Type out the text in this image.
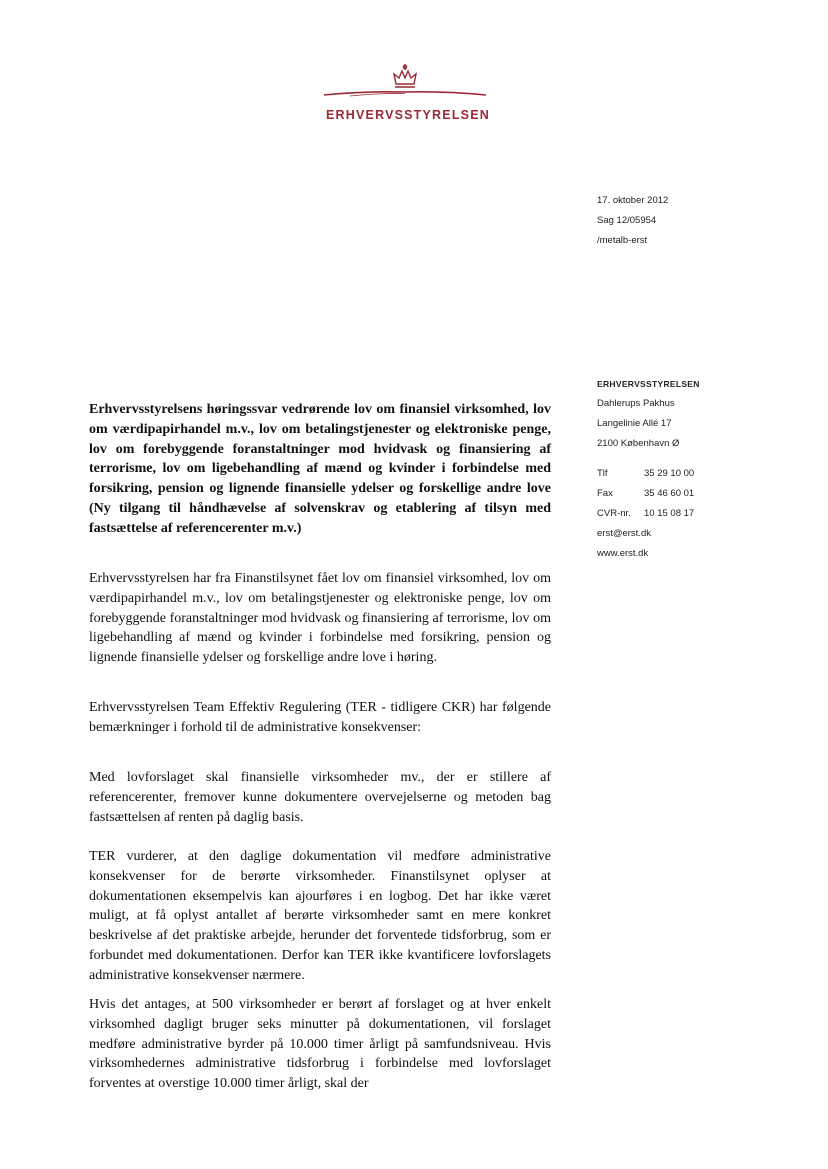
ERHVERVSSTYRELSEN
17. oktober 2012
Sag 12/05954
/metalb-erst
ERHVERVSSTYRELSEN
Dahlerups Pakhus
Langelinie Allé 17
2100 København Ø
Tlf	35 29 10 00
Fax	35 46 60 01
CVR-nr.	10 15 08 17
erst@erst.dk
www.erst.dk

Erhvervsstyrelsens høringssvar vedrørende lov om finansiel virksomhed, lov om værdipapirhandel m.v., lov om betalingstjenester og elektroniske penge, lov om forebyggende foranstaltninger mod hvidvask og finansiering af terrorisme, lov om ligebehandling af mænd og kvinder i forbindelse med forsikring, pension og lignende finansielle ydelser og forskellige andre love (Ny tilgang til håndhævelse af solvenskrav og etablering af tilsyn med fastsættelse af referencerenter m.v.)

Erhvervsstyrelsen har fra Finanstilsynet fået lov om finansiel virksomhed, lov om værdipapirhandel m.v., lov om betalingstjenester og elektroniske penge, lov om forebyggende foranstaltninger mod hvidvask og finansiering af terrorisme, lov om ligebehandling af mænd og kvinder i forbindelse med forsikring, pension og lignende finansielle ydelser og forskellige andre love i høring.

Erhvervsstyrelsen Team Effektiv Regulering (TER - tidligere CKR) har følgende bemærkninger i forhold til de administrative konsekvenser:

Med lovforslaget skal finansielle virksomheder mv., der er stillere af referencerenter, fremover kunne dokumentere overvejelserne og metoden bag fastsættelsen af renten på daglig basis.

TER vurderer, at den daglige dokumentation vil medføre administrative konsekvenser for de berørte virksomheder. Finanstilsynet oplyser at dokumentationen eksempelvis kan ajourføres i en logbog. Det har ikke været muligt, at få oplyst antallet af berørte virksomheder samt en mere konkret beskrivelse af det praktiske arbejde, herunder det forventede tidsforbrug, som er forbundet med dokumentationen. Derfor kan TER ikke kvantificere lovforslagets administrative konsekvenser nærmere.

Hvis det antages, at 500 virksomheder er berørt af forslaget og at hver enkelt virksomhed dagligt bruger seks minutter på dokumentationen, vil forslaget medføre administrative byrder på 10.000 timer årligt på samfundsniveau. Hvis virksomhedernes administrative tidsforbrug i forbindelse med lovforslaget forventes at overstige 10.000 timer årligt, skal der
